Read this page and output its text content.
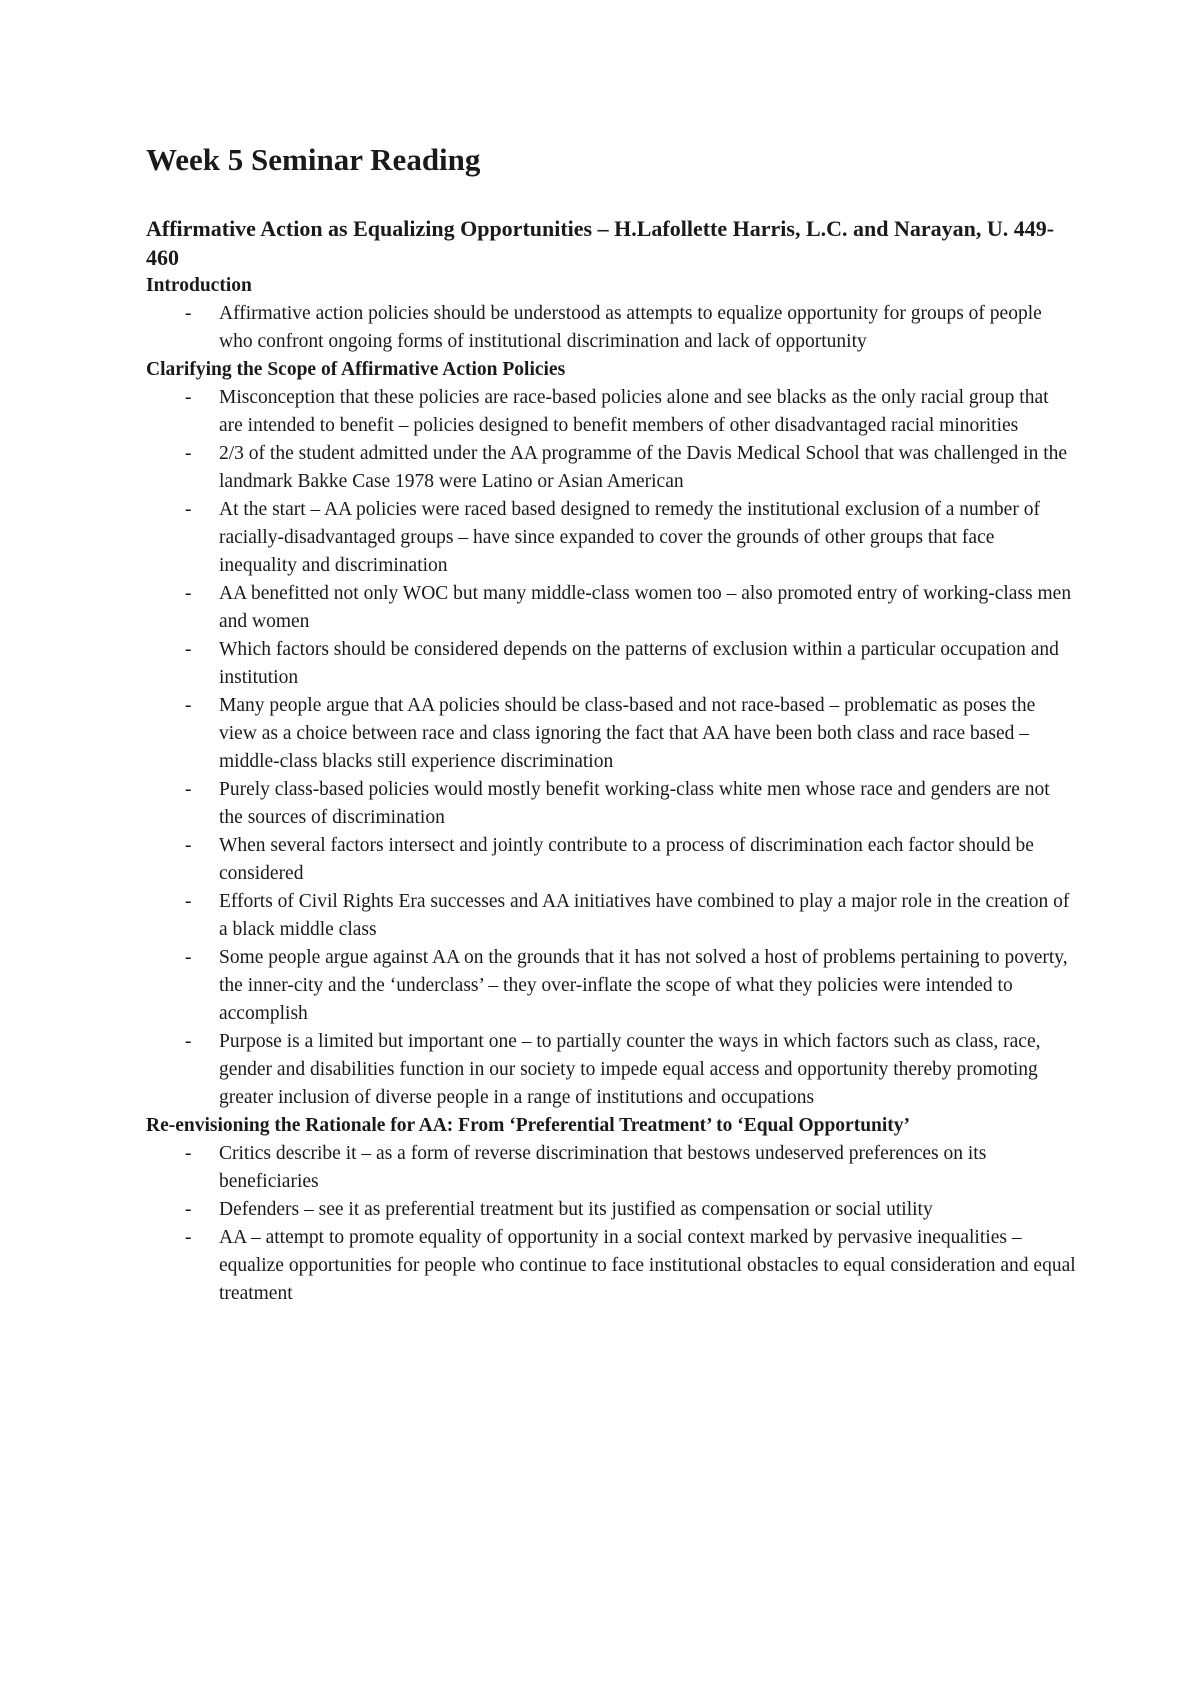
Week 5 Seminar Reading
Affirmative Action as Equalizing Opportunities – H.Lafollette Harris, L.C. and Narayan, U. 449-460
Introduction
- Affirmative action policies should be understood as attempts to equalize opportunity for groups of people who confront ongoing forms of institutional discrimination and lack of opportunity
Clarifying the Scope of Affirmative Action Policies
- Misconception that these policies are race-based policies alone and see blacks as the only racial group that are intended to benefit – policies designed to benefit members of other disadvantaged racial minorities
- 2/3 of the student admitted under the AA programme of the Davis Medical School that was challenged in the landmark Bakke Case 1978 were Latino or Asian American
- At the start – AA policies were raced based designed to remedy the institutional exclusion of a number of racially-disadvantaged groups – have since expanded to cover the grounds of other groups that face inequality and discrimination
- AA benefitted not only WOC but many middle-class women too – also promoted entry of working-class men and women
- Which factors should be considered depends on the patterns of exclusion within a particular occupation and institution
- Many people argue that AA policies should be class-based and not race-based – problematic as poses the view as a choice between race and class ignoring the fact that AA have been both class and race based – middle-class blacks still experience discrimination
- Purely class-based policies would mostly benefit working-class white men whose race and genders are not the sources of discrimination
- When several factors intersect and jointly contribute to a process of discrimination each factor should be considered
- Efforts of Civil Rights Era successes and AA initiatives have combined to play a major role in the creation of a black middle class
- Some people argue against AA on the grounds that it has not solved a host of problems pertaining to poverty, the inner-city and the ‘underclass’ – they over-inflate the scope of what they policies were intended to accomplish
- Purpose is a limited but important one – to partially counter the ways in which factors such as class, race, gender and disabilities function in our society to impede equal access and opportunity thereby promoting greater inclusion of diverse people in a range of institutions and occupations
Re-envisioning the Rationale for AA: From ‘Preferential Treatment’ to ‘Equal Opportunity’
- Critics describe it – as a form of reverse discrimination that bestows undeserved preferences on its beneficiaries
- Defenders – see it as preferential treatment but its justified as compensation or social utility
- AA – attempt to promote equality of opportunity in a social context marked by pervasive inequalities – equalize opportunities for people who continue to face institutional obstacles to equal consideration and equal treatment
